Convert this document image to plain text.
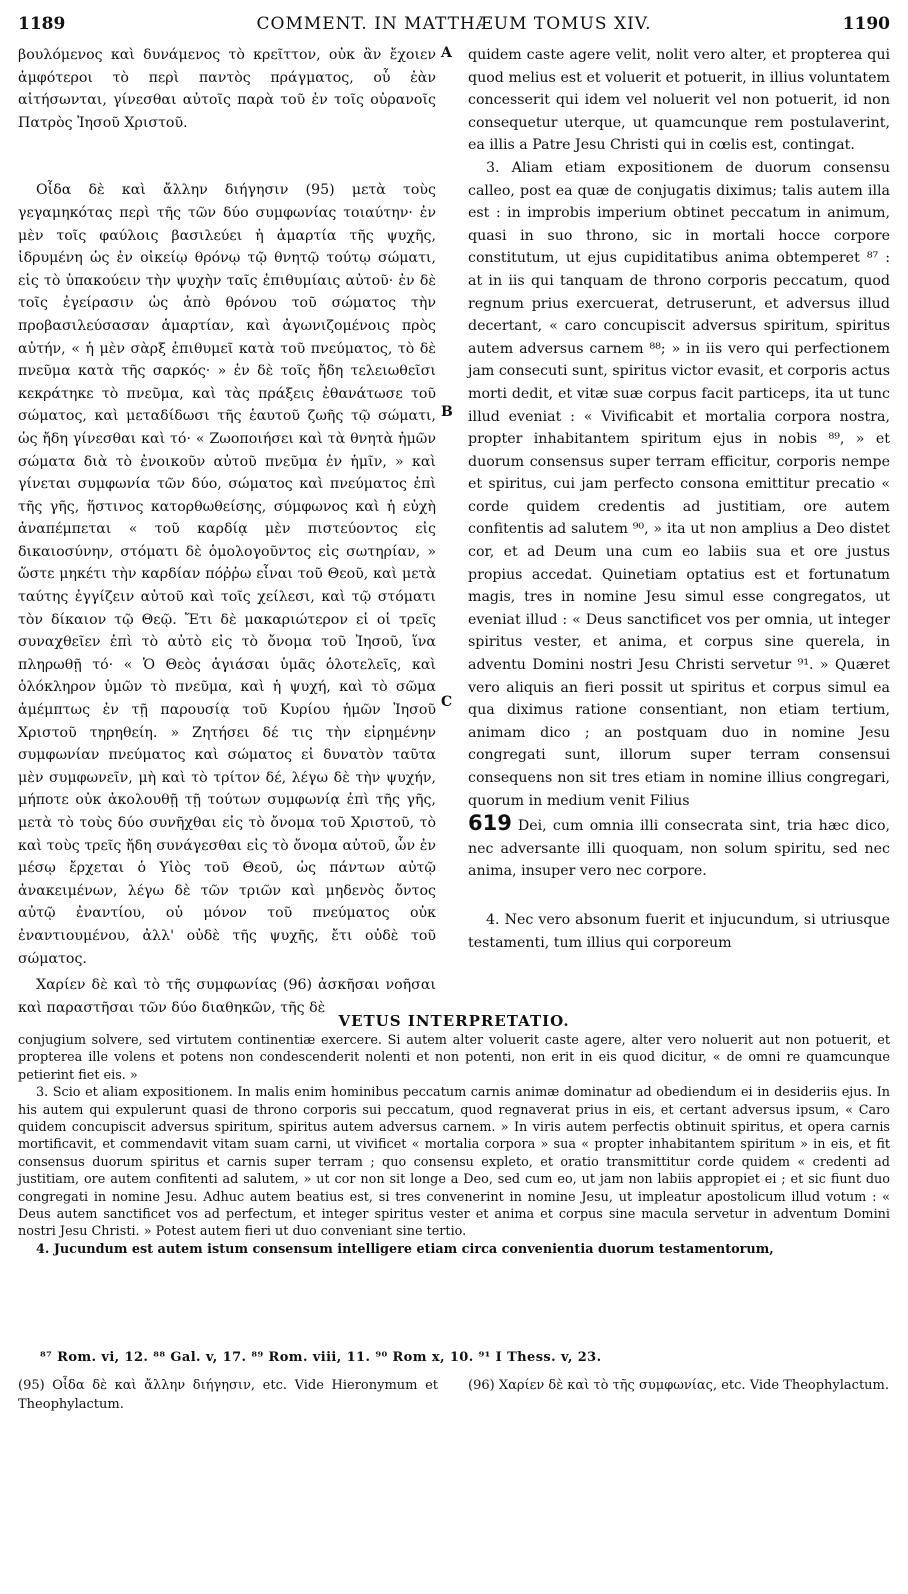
1189	COMMENT. IN MATTHÆUM TOMUS XIV.	1190

βουλόμενος καὶ δυνάμενος τὸ κρεῖττον, οὐκ ἂν ἔχοιεν ἀμφότεροι τὸ περὶ παντὸς πράγματος, οὗ ἐὰν αἰτήσωνται, γίνεσθαι αὐτοῖς παρὰ τοῦ ἐν τοῖς οὐρανοῖς Πατρὸς Ἰησοῦ Χριστοῦ.

Οἶδα δὲ καὶ ἄλλην διήγησιν (95) μετὰ τοὺς γεγαμηκότας περὶ τῆς τῶν δύο συμφωνίας τοιαύτην· ἐν μὲν τοῖς φαύλοις βασιλεύει ἡ ἁμαρτία τῆς ψυχῆς, ἱδρυμένη ὡς ἐν οἰκείῳ θρόνῳ τῷ θνητῷ τούτῳ σώματι, εἰς τὸ ὑπακούειν τὴν ψυχὴν ταῖς ἐπιθυμίαις αὐτοῦ· ἐν δὲ τοῖς ἐγείρασιν ὡς ἀπὸ θρόνου τοῦ σώματος τὴν προβασιλεύσασαν ἁμαρτίαν, καὶ ἀγωνιζομένοις πρὸς αὐτήν, « ἡ μὲν σὰρξ ἐπιθυμεῖ κατὰ τοῦ πνεύματος, τὸ δὲ πνεῦμα κατὰ τῆς σαρκός· » ἐν δὲ τοῖς ἤδη τελειωθεῖσι κεκράτηκε τὸ πνεῦμα, καὶ τὰς πράξεις ἐθανάτωσε τοῦ σώματος, καὶ μεταδίδωσι τῆς ἑαυτοῦ ζωῆς τῷ σώματι, ὡς ἤδη γίνεσθαι καὶ τό· « Ζωοποιήσει καὶ τὰ θνητὰ ἡμῶν σώματα διὰ τὸ ἐνοικοῦν αὐτοῦ πνεῦμα ἐν ἡμῖν, » καὶ γίνεται συμφωνία τῶν δύο, σώματος καὶ πνεύματος ἐπὶ τῆς γῆς, ἥστινος κατορθωθείσης, σύμφωνος καὶ ἡ εὐχὴ ἀναπέμπεται « τοῦ καρδίᾳ μὲν πιστεύοντος εἰς δικαιοσύνην, στόματι δὲ ὁμολογοῦντος εἰς σωτηρίαν, » ὥστε μηκέτι τὴν καρδίαν πόῤῥω εἶναι τοῦ Θεοῦ, καὶ μετὰ ταύτης ἐγγίζειν αὐτοῦ καὶ τοῖς χείλεσι, καὶ τῷ στόματι τὸν δίκαιον τῷ Θεῷ. Ἔτι δὲ μακαριώτερον εἰ οἱ τρεῖς συναχθεῖεν ἐπὶ τὸ αὐτὸ εἰς τὸ ὄνομα τοῦ Ἰησοῦ, ἵνα πληρωθῇ τό· « Ὁ Θεὸς ἁγιάσαι ὑμᾶς ὁλοτελεῖς, καὶ ὁλόκληρον ὑμῶν τὸ πνεῦμα, καὶ ἡ ψυχή, καὶ τὸ σῶμα ἀμέμπτως ἐν τῇ παρουσίᾳ τοῦ Κυρίου ἡμῶν Ἰησοῦ Χριστοῦ τηρηθείη. » Ζητήσει δέ τις τὴν εἰρημένην συμφωνίαν πνεύματος καὶ σώματος εἰ δυνατὸν ταῦτα μὲν συμφωνεῖν, μὴ καὶ τὸ τρίτον δέ, λέγω δὲ τὴν ψυχήν, μήποτε οὐκ ἀκολουθῇ τῇ τούτων συμφωνίᾳ ἐπὶ τῆς γῆς, μετὰ τὸ τοὺς δύο συνῆχθαι εἰς τὸ ὄνομα τοῦ Χριστοῦ, τὸ καὶ τοὺς τρεῖς ἤδη συνάγεσθαι εἰς τὸ ὄνομα αὐτοῦ, ὧν ἐν μέσῳ ἔρχεται ὁ Υἱὸς τοῦ Θεοῦ, ὡς πάντων αὐτῷ ἀνακειμένων, λέγω δὲ τῶν τριῶν καὶ μηδενὸς ὄντος αὐτῷ ἐναντίου, οὐ μόνον τοῦ πνεύματος οὐκ ἐναντιουμένου, ἀλλ' οὐδὲ τῆς ψυχῆς, ἔτι οὐδὲ τοῦ σώματος.

Χαρίεν δὲ καὶ τὸ τῆς συμφωνίας (96) ἀσκῆσαι νοῆσαι καὶ παραστῆσαι τῶν δύο διαθηκῶν, τῆς δὲ

A
B
C

quidem caste agere velit, nolit vero alter, et propterea qui quod melius est et voluerit et potuerit, in illius voluntatem concesserit qui idem vel noluerit vel non potuerit, id non consequetur uterque, ut quamcunque rem postulaverint, ea illis a Patre Jesu Christi qui in cœlis est, contingat.

3. Aliam etiam expositionem de duorum consensu calleo, post ea quæ de conjugatis diximus; talis autem illa est : in improbis imperium obtinet peccatum in animum, quasi in suo throno, sic in mortali hocce corpore constitutum, ut ejus cupiditatibus anima obtemperet ⁸⁷ : at in iis qui tanquam de throno corporis peccatum, quod regnum prius exercuerat, detruserunt, et adversus illud decertant, « caro concupiscit adversus spiritum, spiritus autem adversus carnem ⁸⁸; » in iis vero qui perfectionem jam consecuti sunt, spiritus victor evasit, et corporis actus morti dedit, et vitæ suæ corpus facit particeps, ita ut tunc illud eveniat : « Vivificabit et mortalia corpora nostra, propter inhabitantem spiritum ejus in nobis ⁸⁹, » et duorum consensus super terram efficitur, corporis nempe et spiritus, cui jam perfecto consona emittitur precatio « corde quidem credentis ad justitiam, ore autem confitentis ad salutem ⁹⁰, » ita ut non amplius a Deo distet cor, et ad Deum una cum eo labiis sua et ore justus propius accedat. Quinetiam optatius est et fortunatum magis, tres in nomine Jesu simul esse congregatos, ut eveniat illud : « Deus sanctificet vos per omnia, ut integer spiritus vester, et anima, et corpus sine querela, in adventu Domini nostri Jesu Christi servetur ⁹¹. » Quæret vero aliquis an fieri possit ut spiritus et corpus simul ea qua diximus ratione consentiant, non etiam tertium, animam dico ; an postquam duo in nomine Jesu congregati sunt, illorum super terram consensui consequens non sit tres etiam in nomine illius congregari, quorum in medium venit Filius
619 Dei, cum omnia illi consecrata sint, tria hæc dico, nec adversante illi quoquam, non solum spiritu, sed nec anima, insuper vero nec corpore.

4. Nec vero absonum fuerit et injucundum, si utriusque testamenti, tum illius qui corporeum

VETUS INTERPRETATIO.

conjugium solvere, sed virtutem continentiæ exercere. Si autem alter voluerit caste agere, alter vero noluerit aut non potuerit, et propterea ille volens et potens non condescenderit nolenti et non potenti, non erit in eis quod dicitur, « de omni re quamcunque petierint fiet eis. »

3. Scio et aliam expositionem. In malis enim hominibus peccatum carnis animæ dominatur ad obediendum ei in desideriis ejus. In his autem qui expulerunt quasi de throno corporis sui peccatum, quod regnaverat prius in eis, et certant adversus ipsum, « Caro quidem concupiscit adversus spiritum, spiritus autem adversus carnem. » In viris autem perfectis obtinuit spiritus, et opera carnis mortificavit, et commendavit vitam suam carni, ut vivificet « mortalia corpora » sua « propter inhabitantem spiritum » in eis, et fit consensus duorum spiritus et carnis super terram ; quo consensu expleto, et oratio transmittitur corde quidem « credenti ad justitiam, ore autem confitenti ad salutem, » ut cor non sit longe a Deo, sed cum eo, ut jam non labiis appropiet ei ; et sic fiunt duo congregati in nomine Jesu. Adhuc autem beatius est, si tres convenerint in nomine Jesu, ut impleatur apostolicum illud votum : « Deus autem sanctificet vos ad perfectum, et integer spiritus vester et anima et corpus sine macula servetur in adventum Domini nostri Jesu Christi. » Potest autem fieri ut duo conveniant sine tertio.

4. Jucundum est autem istum consensum intelligere etiam circa convenientia duorum testamentorum,

⁸⁷ Rom. vi, 12. ⁸⁸ Gal. v, 17. ⁸⁹ Rom. viii, 11. ⁹⁰ Rom x, 10. ⁹¹ I Thess. v, 23.
(95) Οἶδα δὲ καὶ ἄλλην διήγησιν, etc. Vide Hieronymum et Theophylactum.
(96) Χαρίεν δὲ καὶ τὸ τῆς συμφωνίας, etc. Vide Theophylactum.
